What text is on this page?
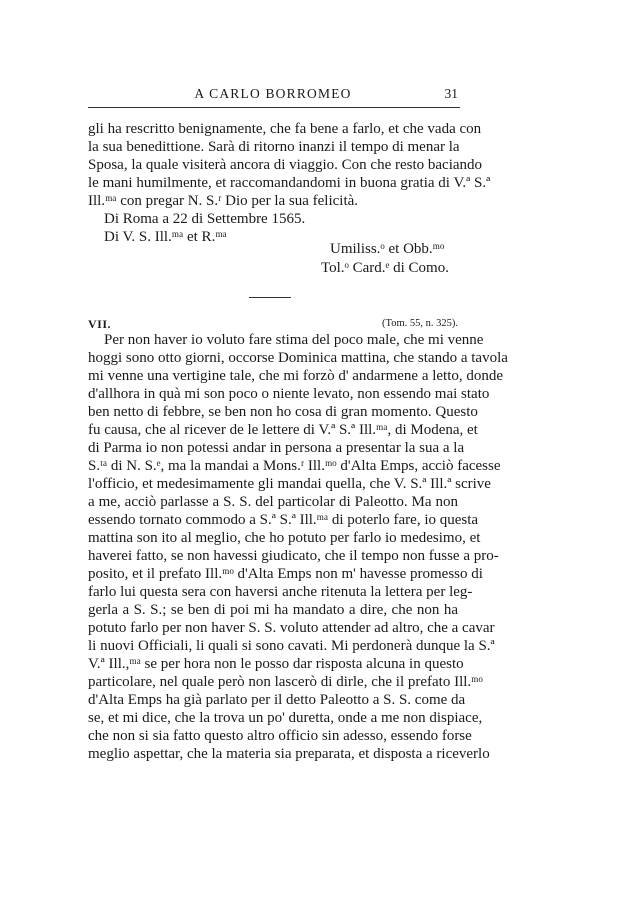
A CARLO BORROMEO	31
gli ha rescritto benignamente, che fa bene a farlo, et che vada con
la sua benedittione. Sarà di ritorno inanzi il tempo di menar la
Sposa, la quale visiterà ancora di viaggio. Con che resto baciando
le mani humilmente, et raccomandandomi in buona gratia di V.ª S.ª
Ill.ᵐᵃ con pregar N. S.ʳ Dio per la sua felicità.
Di Roma a 22 di Settembre 1565.
Di V. S. Ill.ᵐᵃ et R.ᵐᵃ
Umiliss.ᵒ et Obb.ᵐᵒ
Tol.ᵒ Card.ᵉ di Como.
VII.	(Tom. 55, n. 325).
Per non haver io voluto fare stima del poco male, che mi venne
hoggi sono otto giorni, occorse Dominica mattina, che stando a tavola
mi venne una vertigine tale, che mi forzò d' andarmene a letto, donde
d'allhora in quà mi son poco o niente levato, non essendo mai stato
ben netto di febbre, se ben non ho cosa di gran momento. Questo
fu causa, che al ricever de le lettere di V.ª S.ª Ill.ᵐᵃ, di Modena, et
di Parma io non potessi andar in persona a presentar la sua a la
S.ᵗᵃ di N. S.ᵉ, ma la mandai a Mons.ʳ Ill.ᵐᵒ d'Alta Emps, acciò facesse
l'officio, et medesimamente gli mandai quella, che V. S.ª Ill.ª scrive
a me, acciò parlasse a S. S. del particolar di Paleotto. Ma non
essendo tornato commodo a S.ª S.ª Ill.ᵐᵃ di poterlo fare, io questa
mattina son ito al meglio, che ho potuto per farlo io medesimo, et
haverei fatto, se non havessi giudicato, che il tempo non fusse a pro-
posito, et il prefato Ill.ᵐᵒ d'Alta Emps non m' havesse promesso di
farlo lui questa sera con haversi anche ritenuta la lettera per leg-
gerla a S. S.; se ben di poi mi ha mandato a dire, che non ha
potuto farlo per non haver S. S. voluto attender ad altro, che a cavar
li nuovi Officiali, li quali si sono cavati. Mi perdonerà dunque la S.ª
V.ª Ill.,ᵐᵃ se per hora non le posso dar risposta alcuna in questo
particolare, nel quale però non lascerò di dirle, che il prefato Ill.ᵐᵒ
d'Alta Emps ha già parlato per il detto Paleotto a S. S. come da
se, et mi dice, che la trova un po' duretta, onde a me non dispiace,
che non si sia fatto questo altro officio sin adesso, essendo forse
meglio aspettar, che la materia sia preparata, et disposta a riceverlo
